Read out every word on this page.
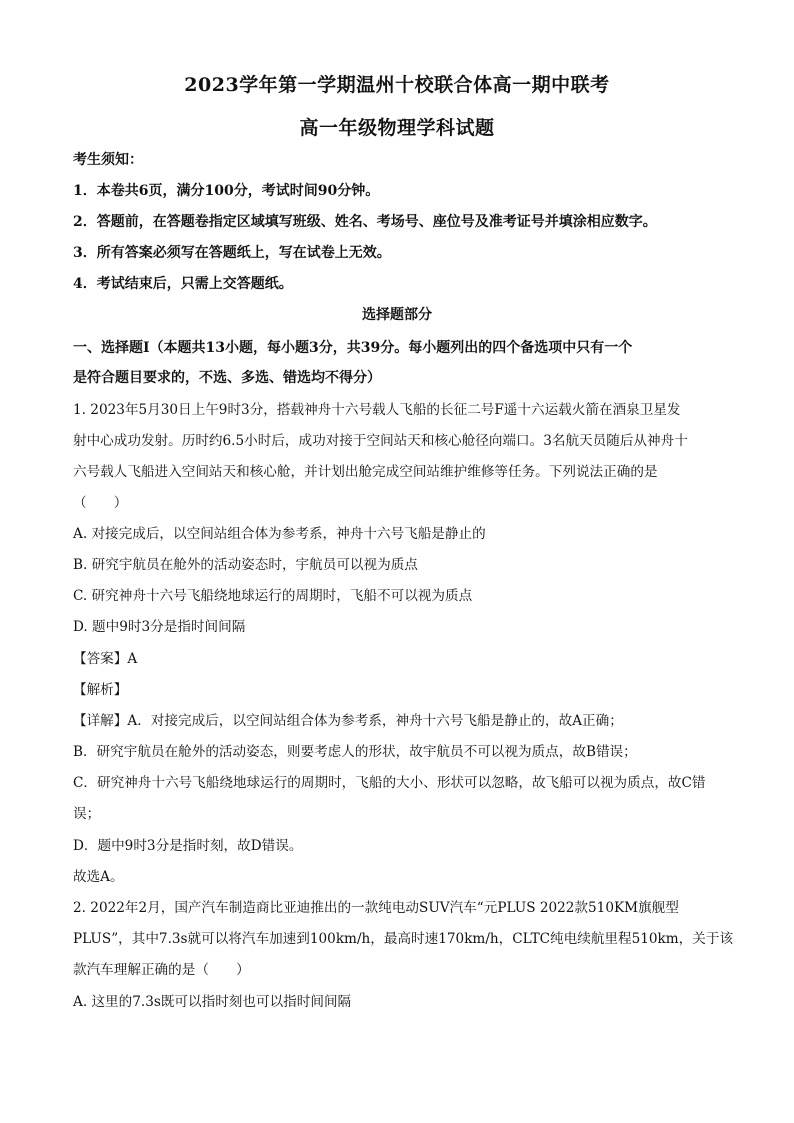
2023学年第一学期温州十校联合体高一期中联考
高一年级物理学科试题
考生须知：
1．本卷共6页，满分100分，考试时间90分钟。
2．答题前，在答题卷指定区域填写班级、姓名、考场号、座位号及准考证号并填涂相应数字。
3．所有答案必须写在答题纸上，写在试卷上无效。
4．考试结束后，只需上交答题纸。
选择题部分
一、选择题Ⅰ（本题共13小题，每小题3分，共39分。每小题列出的四个备选项中只有一个
是符合题目要求的，不选、多选、错选均不得分）
1. 2023年5月30日上午9时3分，搭载神舟十六号载人飞船的长征二号F遥十六运载火箭在酒泉卫星发
射中心成功发射。历时约6.5小时后，成功对接于空间站天和核心舱径向端口。3名航天员随后从神舟十
六号载人飞船进入空间站天和核心舱，并计划出舱完成空间站维护维修等任务。下列说法正确的是
（　　）
A. 对接完成后，以空间站组合体为参考系，神舟十六号飞船是静止的
B. 研究宇航员在舱外的活动姿态时，宇航员可以视为质点
C. 研究神舟十六号飞船绕地球运行的周期时，飞船不可以视为质点
D. 题中9时3分是指时间间隔
【答案】A
【解析】
【详解】A．对接完成后，以空间站组合体为参考系，神舟十六号飞船是静止的，故A正确；
B．研究宇航员在舱外的活动姿态，则要考虑人的形状，故宇航员不可以视为质点，故B错误；
C．研究神舟十六号飞船绕地球运行的周期时，飞船的大小、形状可以忽略，故飞船可以视为质点，故C错
误；
D．题中9时3分是指时刻，故D错误。
故选A。
2. 2022年2月，国产汽车制造商比亚迪推出的一款纯电动SUV汽车“元PLUS 2022款510KM旗舰型
PLUS”，其中7.3s就可以将汽车加速到100km/h，最高时速170km/h，CLTC纯电续航里程510km，关于该
款汽车理解正确的是（　　）
A. 这里的7.3s既可以指时刻也可以指时间间隔
